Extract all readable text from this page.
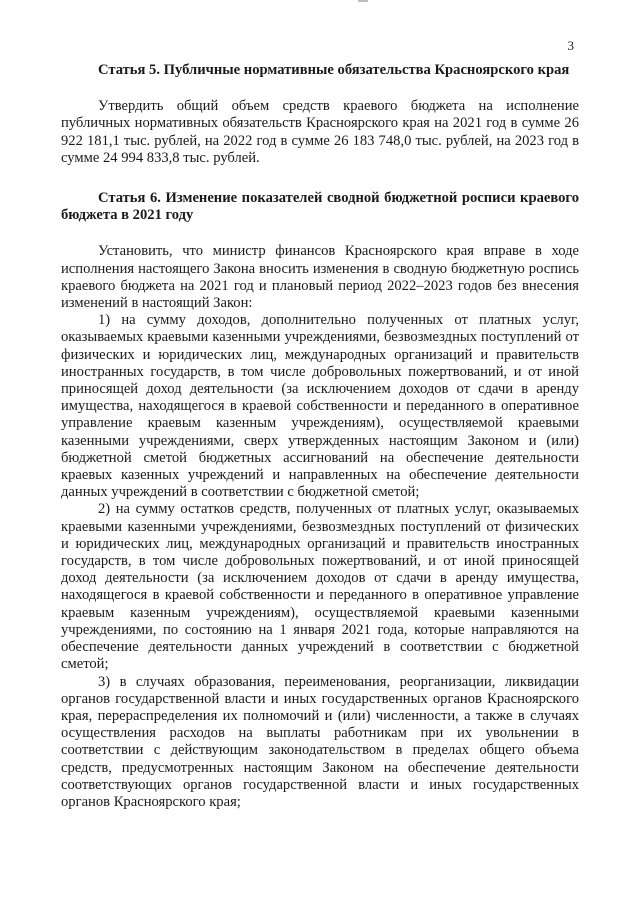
3

Статья 5. Публичные нормативные обязательства Красноярского края

Утвердить общий объем средств краевого бюджета на исполнение публичных нормативных обязательств Красноярского края на 2021 год в сумме 26 922 181,1 тыс. рублей, на 2022 год в сумме 26 183 748,0 тыс. рублей, на 2023 год в сумме 24 994 833,8 тыс. рублей.

Статья 6. Изменение показателей сводной бюджетной росписи краевого бюджета в 2021 году

Установить, что министр финансов Красноярского края вправе в ходе исполнения настоящего Закона вносить изменения в сводную бюджетную роспись краевого бюджета на 2021 год и плановый период 2022–2023 годов без внесения изменений в настоящий Закон:

1) на сумму доходов, дополнительно полученных от платных услуг, оказываемых краевыми казенными учреждениями, безвозмездных поступлений от физических и юридических лиц, международных организаций и правительств иностранных государств, в том числе добровольных пожертвований, и от иной приносящей доход деятельности (за исключением доходов от сдачи в аренду имущества, находящегося в краевой собственности и переданного в оперативное управление краевым казенным учреждениям), осуществляемой краевыми казенными учреждениями, сверх утвержденных настоящим Законом и (или) бюджетной сметой бюджетных ассигнований на обеспечение деятельности краевых казенных учреждений и направленных на обеспечение деятельности данных учреждений в соответствии с бюджетной сметой;

2) на сумму остатков средств, полученных от платных услуг, оказываемых краевыми казенными учреждениями, безвозмездных поступлений от физических и юридических лиц, международных организаций и правительств иностранных государств, в том числе добровольных пожертвований, и от иной приносящей доход деятельности (за исключением доходов от сдачи в аренду имущества, находящегося в краевой собственности и переданного в оперативное управление краевым казенным учреждениям), осуществляемой краевыми казенными учреждениями, по состоянию на 1 января 2021 года, которые направляются на обеспечение деятельности данных учреждений в соответствии с бюджетной сметой;

3) в случаях образования, переименования, реорганизации, ликвидации органов государственной власти и иных государственных органов Красноярского края, перераспределения их полномочий и (или) численности, а также в случаях осуществления расходов на выплаты работникам при их увольнении в соответствии с действующим законодательством в пределах общего объема средств, предусмотренных настоящим Законом на обеспечение деятельности соответствующих органов государственной власти и иных государственных органов Красноярского края;
